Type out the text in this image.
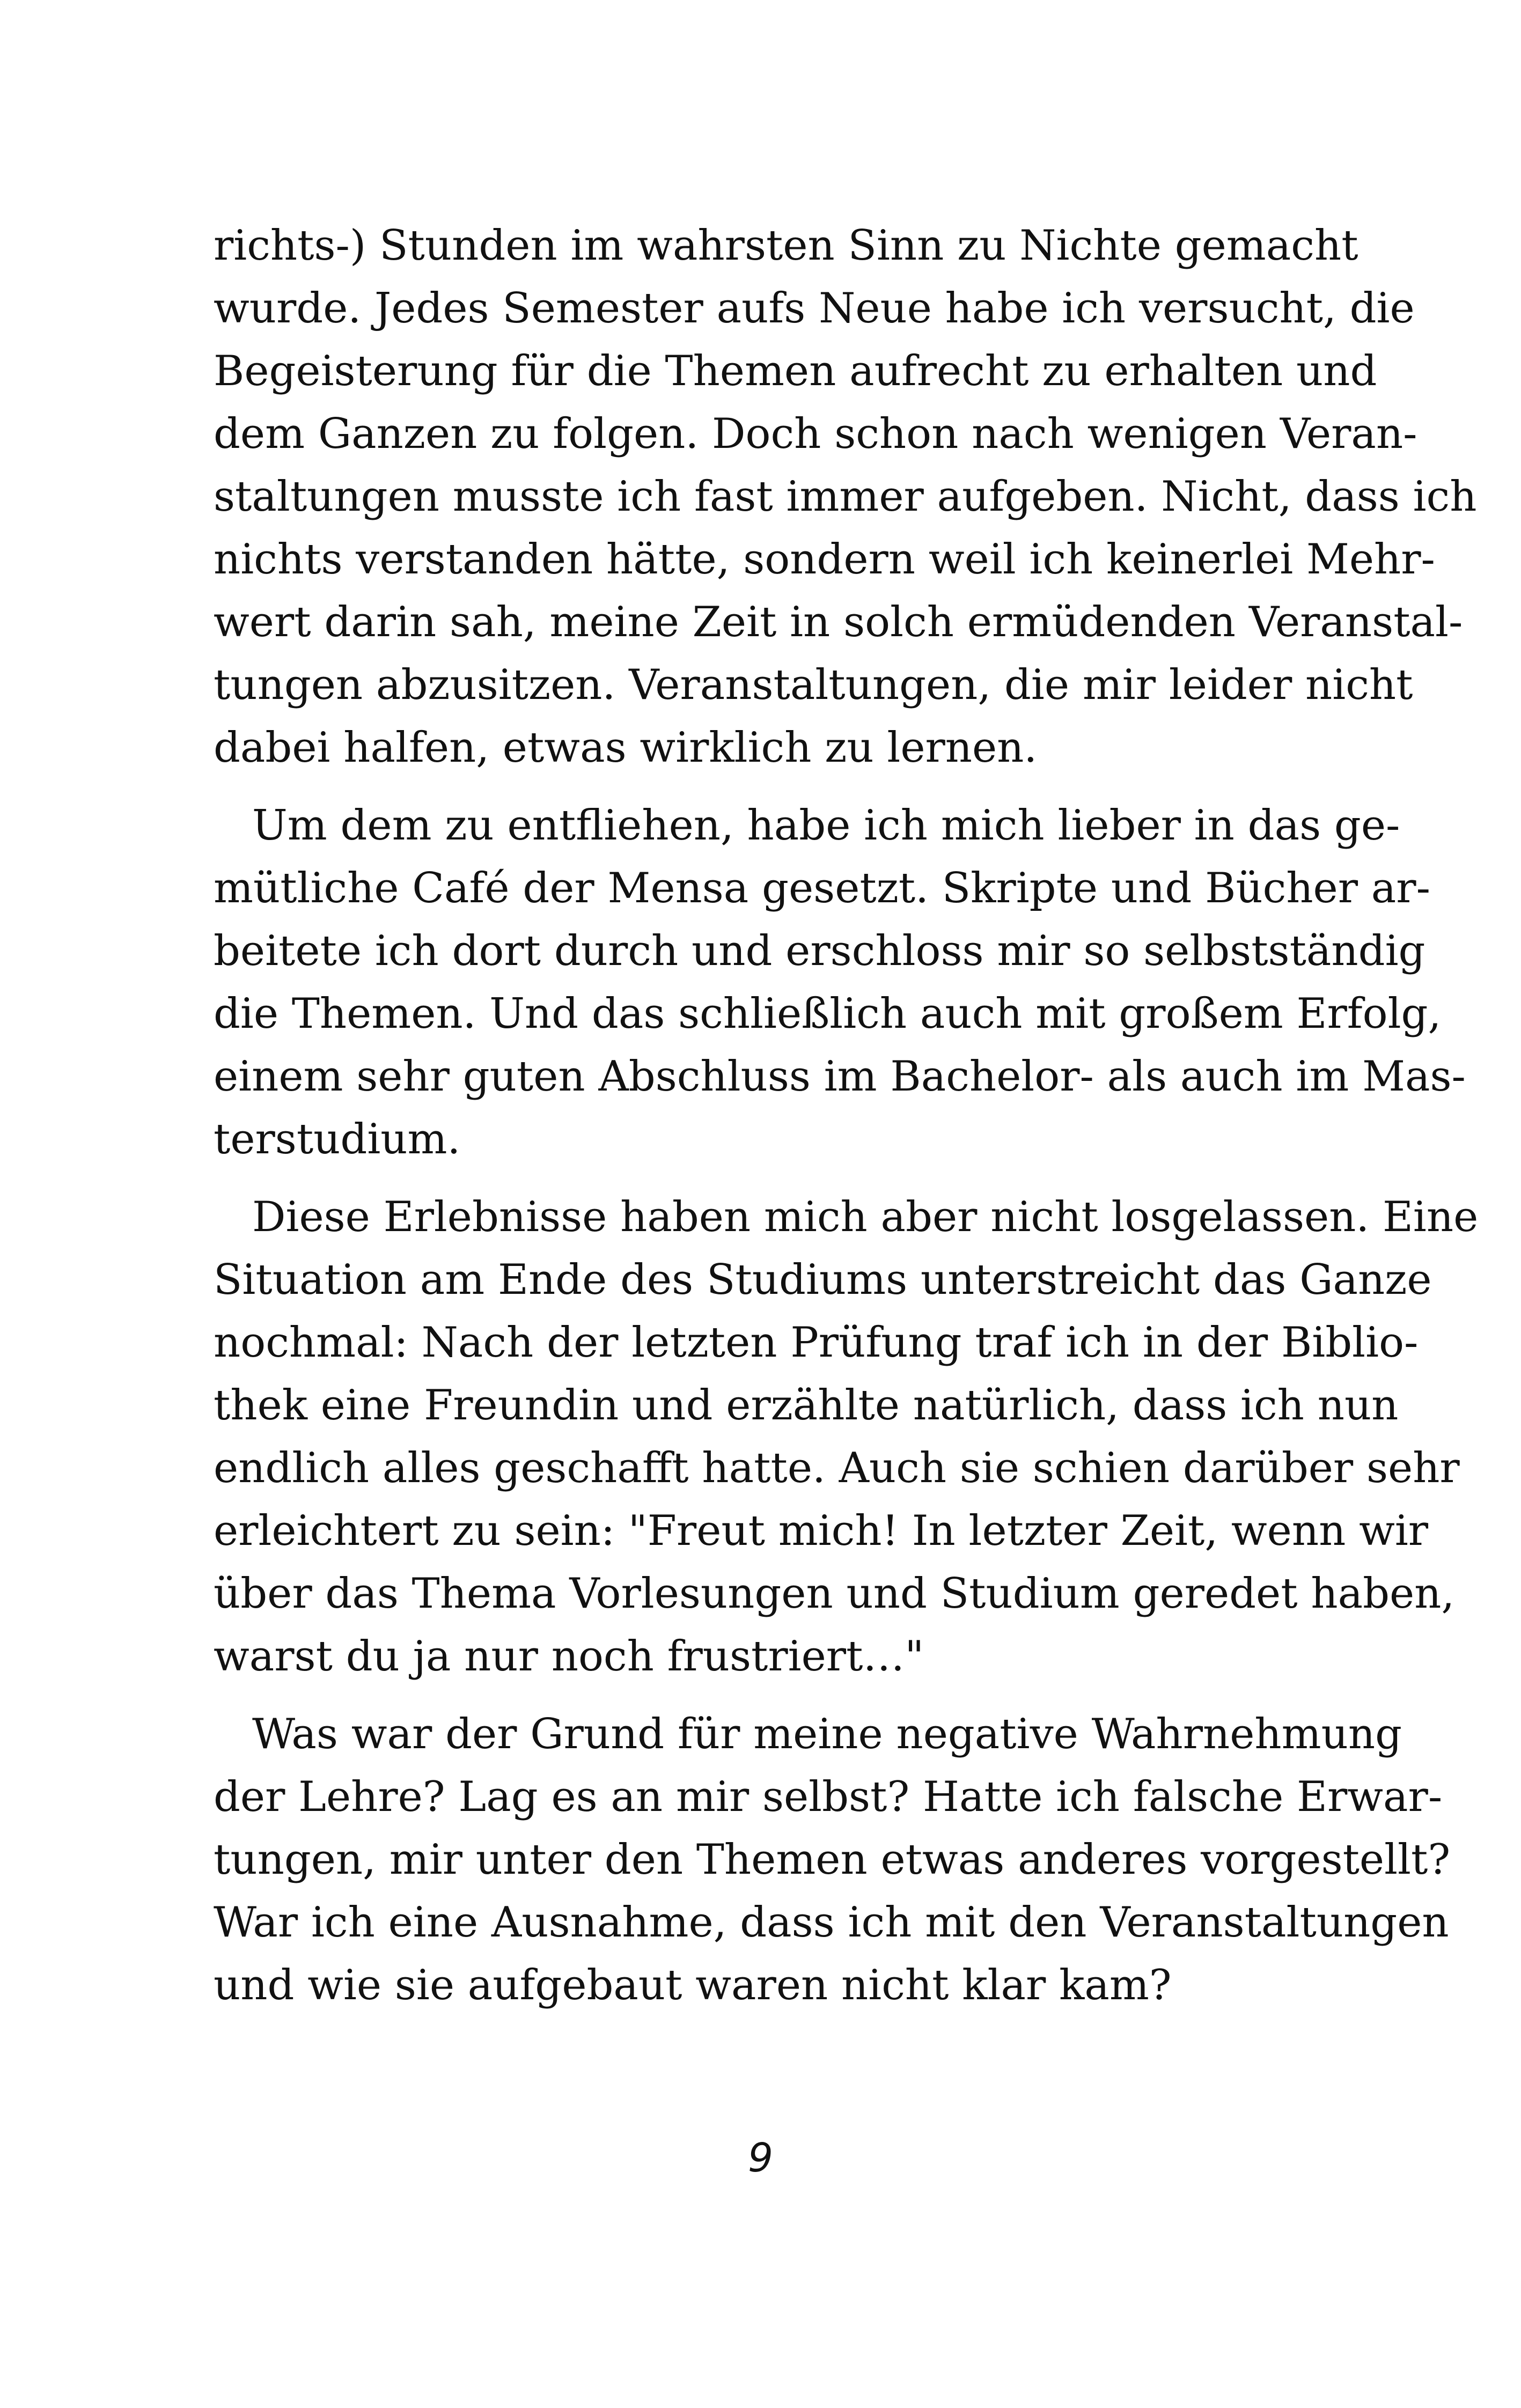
richts-) Stunden im wahrsten Sinn zu Nichte gemacht
wurde. Jedes Semester aufs Neue habe ich versucht, die
Begeisterung für die Themen aufrecht zu erhalten und
dem Ganzen zu folgen. Doch schon nach wenigen Veran-
staltungen musste ich fast immer aufgeben. Nicht, dass ich
nichts verstanden hätte, sondern weil ich keinerlei Mehr-
wert darin sah, meine Zeit in solch ermüdenden Veranstal-
tungen abzusitzen. Veranstaltungen, die mir leider nicht
dabei halfen, etwas wirklich zu lernen.
Um dem zu entfliehen, habe ich mich lieber in das ge-
mütliche Café der Mensa gesetzt. Skripte und Bücher ar-
beitete ich dort durch und erschloss mir so selbstständig
die Themen. Und das schließlich auch mit großem Erfolg,
einem sehr guten Abschluss im Bachelor- als auch im Mas-
terstudium.
Diese Erlebnisse haben mich aber nicht losgelassen. Eine
Situation am Ende des Studiums unterstreicht das Ganze
nochmal: Nach der letzten Prüfung traf ich in der Biblio-
thek eine Freundin und erzählte natürlich, dass ich nun
endlich alles geschafft hatte. Auch sie schien darüber sehr
erleichtert zu sein: "Freut mich! In letzter Zeit, wenn wir
über das Thema Vorlesungen und Studium geredet haben,
warst du ja nur noch frustriert…"
Was war der Grund für meine negative Wahrnehmung
der Lehre? Lag es an mir selbst? Hatte ich falsche Erwar-
tungen, mir unter den Themen etwas anderes vorgestellt?
War ich eine Ausnahme, dass ich mit den Veranstaltungen
und wie sie aufgebaut waren nicht klar kam?
9
